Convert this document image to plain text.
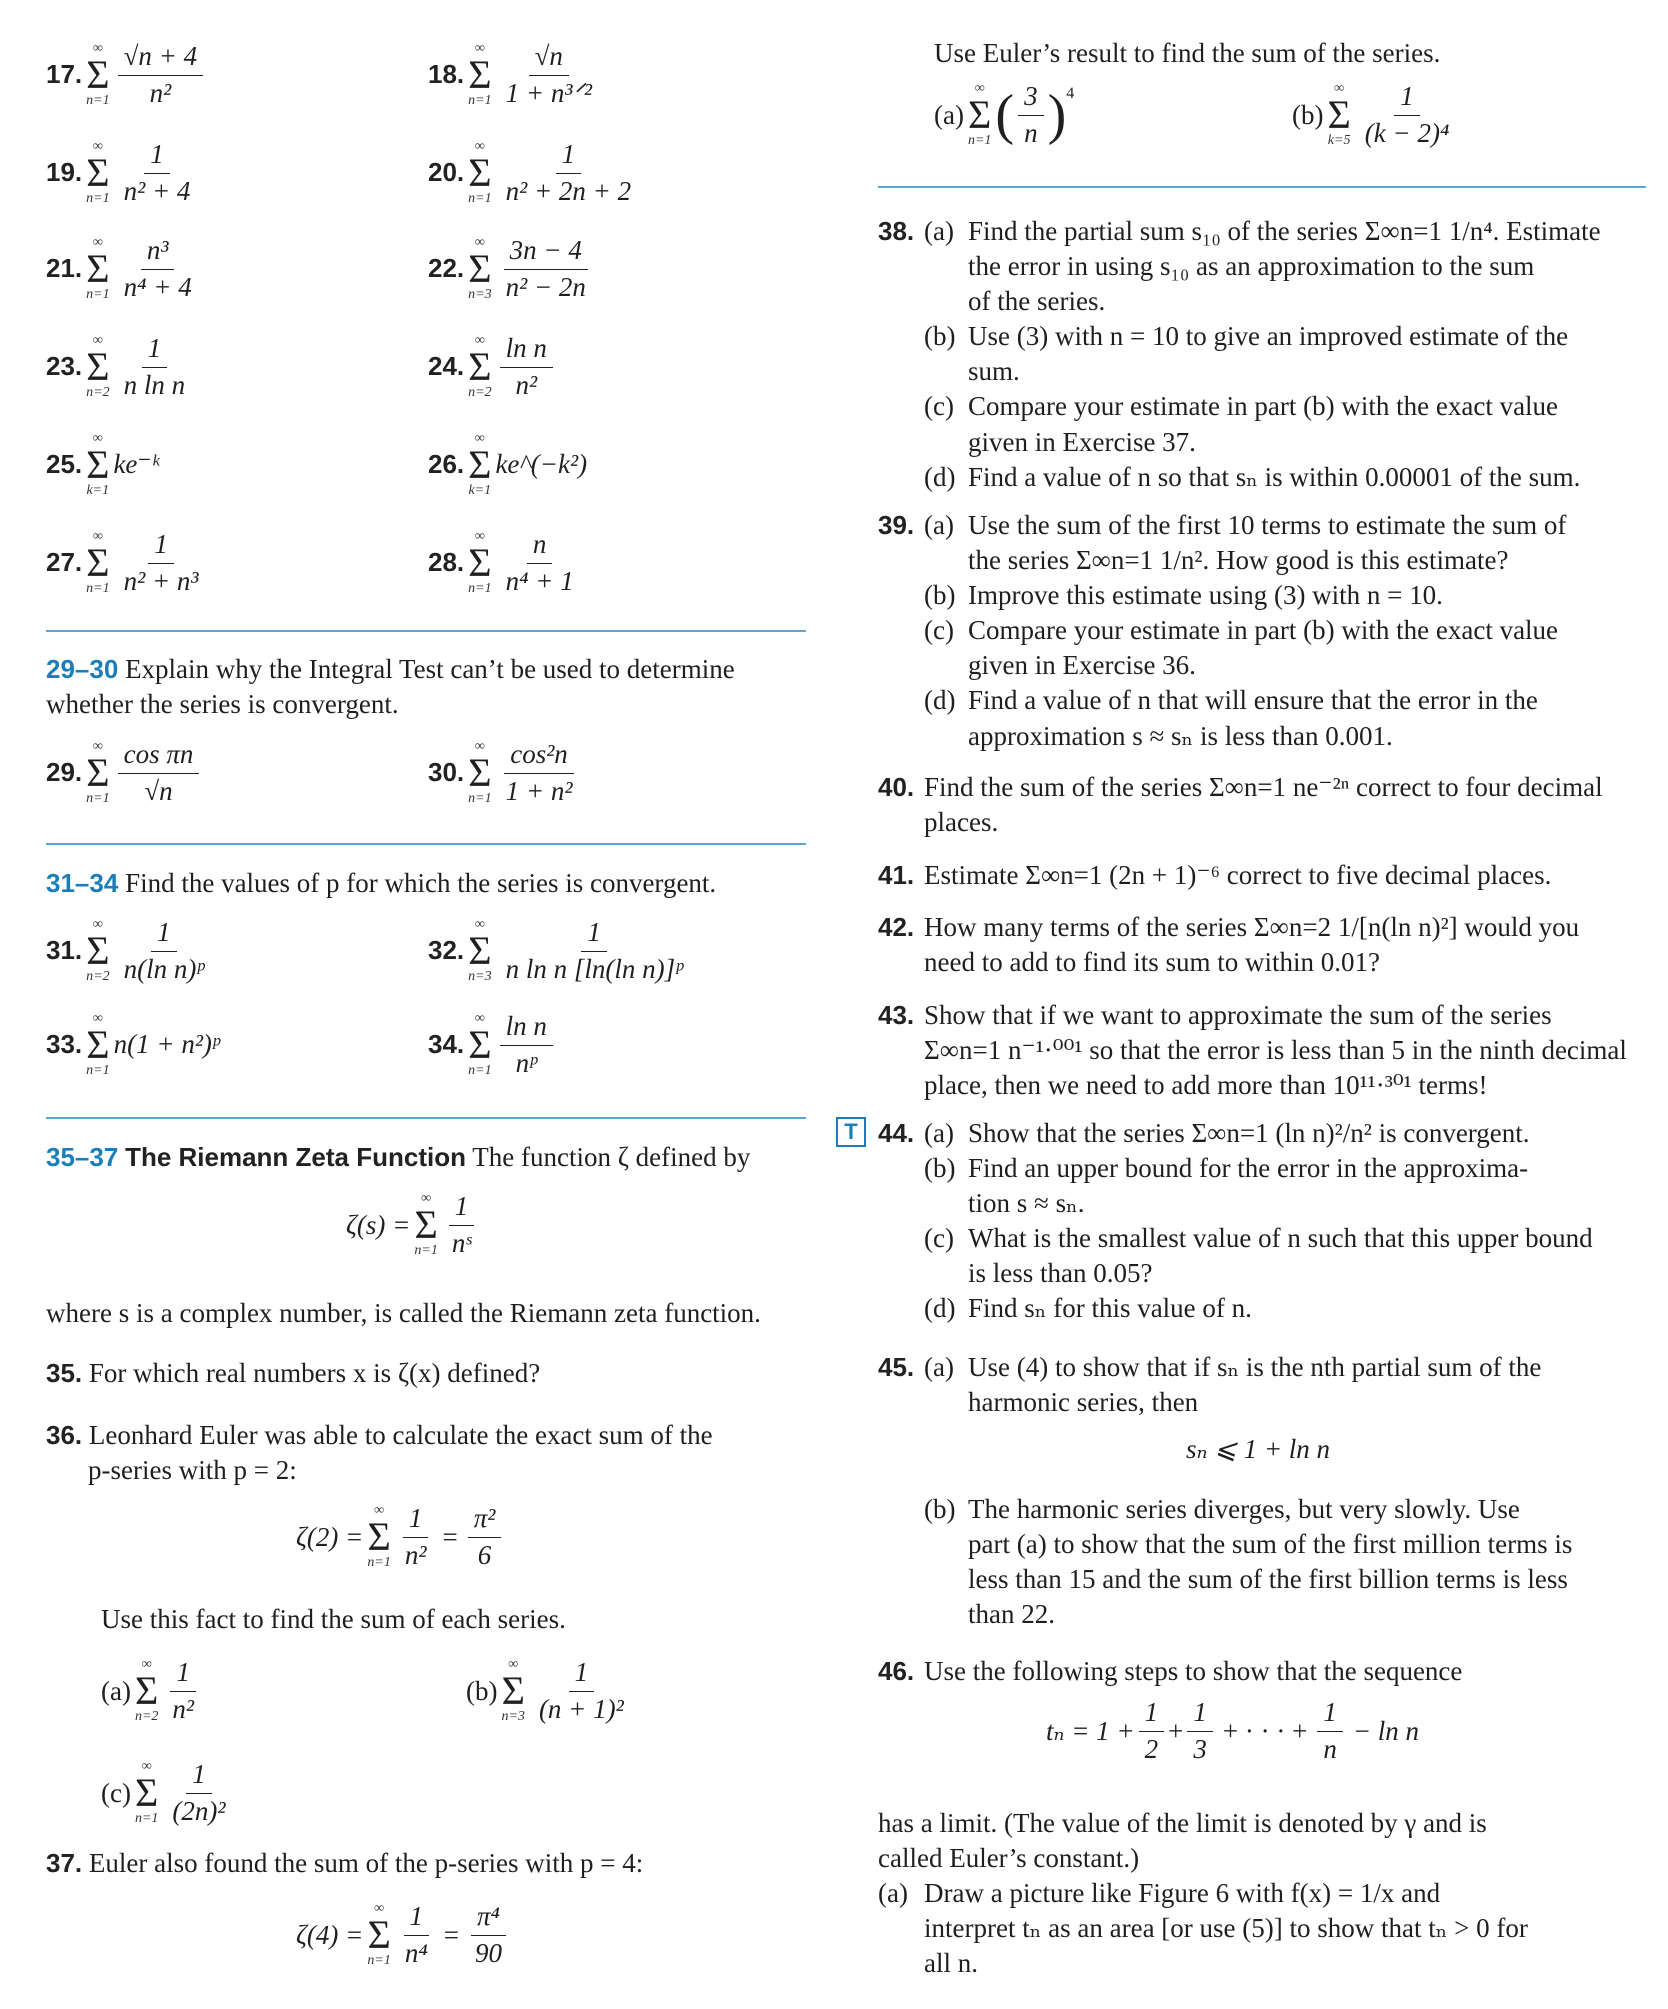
17.
∞
Σ
$n=1 \frac{√n + 4}{\text{n²}}$	18.
∞
Σ
$n=1 \frac{√n}{\text{1 + n³ᐟ²}}$
19.
∞
Σ
$n=1 \frac{1}{\text{n² + 4}}$	20.
∞
Σ
$n=1 \frac{1}{\text{n² + 2n + 2}}$
21.
∞
Σ
$n=1 \frac{\text{n³}}{\text{n⁴ + 4}}$	22.
∞
Σ
$n=3 \frac{3n - 4}{\text{n² − 2n}}$
23.
∞
Σ
$n=2 \frac{1}{\text{n ln n}}$	24.
∞
Σ
$n=2 \frac{\text{ln n}}{\text{n²}}$
25.
∞
Σ
k=1
ke⁻ᵏ	26.
∞
Σ
k=1
ke^(−k²)
27.
∞
Σ
$n=1 \frac{1}{\text{n² + n³}}$	28.
∞
Σ
$n=1 \frac{n}{\text{n⁴ + 1}}$
29–30 Explain why the Integral Test can’t be used to determine whether the series is convergent.
29.
∞
Σ
$n=1 \frac{\text{cos πn}}{√n}$	30.
∞
Σ
$n=1 \frac{\text{cos²n}}{\text{1 + n²}}$
31–34 Find the values of p for which the series is convergent.
31.
∞
Σ
$n=2 \frac{1}{\text{n(ln n)ᵖ}}$	32.
∞
Σ
$n=3 \frac{1}{\text{n ln n [ln(ln n)]ᵖ}}$
33.
∞
Σ
n=1
n(1 + n²)ᵖ	34.
∞
Σ
$n=1 \frac{\text{ln n}}{\text{nᵖ}}$
35–37 The Riemann Zeta Function The function ζ defined by
ζ(s) =
∞
Σ
$n=1 \frac{1}{\text{nˢ}}$

where s is a complex number, is called the Riemann zeta function.

35. For which real numbers x is ζ(x) defined?
36. Leonhard Euler was able to calculate the exact sum of the
p-series with p = 2:
ζ(2) =
∞
Σ
$n=1 \frac{1}{\text{n²}} = \frac{\text{π²}}{6}$

Use this fact to find the sum of each series.

(a)
∞
Σ
$n=2 \frac{1}{\text{n²}}$	(b)
∞
Σ
$n=3 \frac{1}{\text{(n + 1)²}}$
(c)
∞
Σ
$n=1 \frac{1}{\text{(2n)²}}$
37. Euler also found the sum of the p-series with p = 4:
ζ(4) =
∞
Σ
$n=1 \frac{1}{\text{n⁴}} = \frac{\text{π⁴}}{90}$

Use Euler’s result to find the sum of the series.

(a)
∞
Σ
n=1 ( $\frac{3}{n}$ ) 4
(b)
∞
Σ
$k=5 \frac{1}{\text{(k − 2)⁴}}$
38. (a) Find the partial sum s₁₀ of the series Σ∞n=1 1/n⁴. Estimate
the error in using s₁₀ as an approximation to the sum
of the series.
(b) Use (3) with n = 10 to give an improved estimate of the
sum.
(c) Compare your estimate in part (b) with the exact value
given in Exercise 37.
(d) Find a value of n so that sₙ is within 0.00001 of the sum.
39. (a) Use the sum of the first 10 terms to estimate the sum of
the series Σ∞n=1 1/n². How good is this estimate?
(b) Improve this estimate using (3) with n = 10.
(c) Compare your estimate in part (b) with the exact value
given in Exercise 36.
(d) Find a value of n that will ensure that the error in the
approximation s ≈ sₙ is less than 0.001.
40. Find the sum of the series Σ∞n=1 ne⁻²ⁿ correct to four decimal
places.
41. Estimate Σ∞n=1 (2n + 1)⁻⁶ correct to five decimal places.
42. How many terms of the series Σ∞n=2 1/[n(ln n)²] would you
need to add to find its sum to within 0.01?
43. Show that if we want to approximate the sum of the series
Σ∞n=1 n⁻¹·⁰⁰¹ so that the error is less than 5 in the ninth decimal
place, then we need to add more than 10¹¹·³⁰¹ terms!
44. (a) Show that the series Σ∞n=1 (ln n)²/n² is convergent.
(b) Find an upper bound for the error in the approxima-
tion s ≈ sₙ.
(c) What is the smallest value of n such that this upper bound
is less than 0.05?
(d) Find sₙ for this value of n.
45. (a) Use (4) to show that if sₙ is the nth partial sum of the
harmonic series, then
(b) The harmonic series diverges, but very slowly. Use
part (a) to show that the sum of the first million terms is
less than 15 and the sum of the first billion terms is less
than 22.
46. Use the following steps to show that the sequence
has a limit. (The value of the limit is denoted by γ and is
called Euler’s constant.)
(a) Draw a picture like Figure 6 with f(x) = 1/x and
interpret tₙ as an area [or use (5)] to show that tₙ > 0 for
all n.
T
sₙ ⩽ 1 + ln n
$t_n = 1 + \frac{1}{2} + \frac{1}{3}$ + · · · + $\frac{1}{n} - \ln n$
